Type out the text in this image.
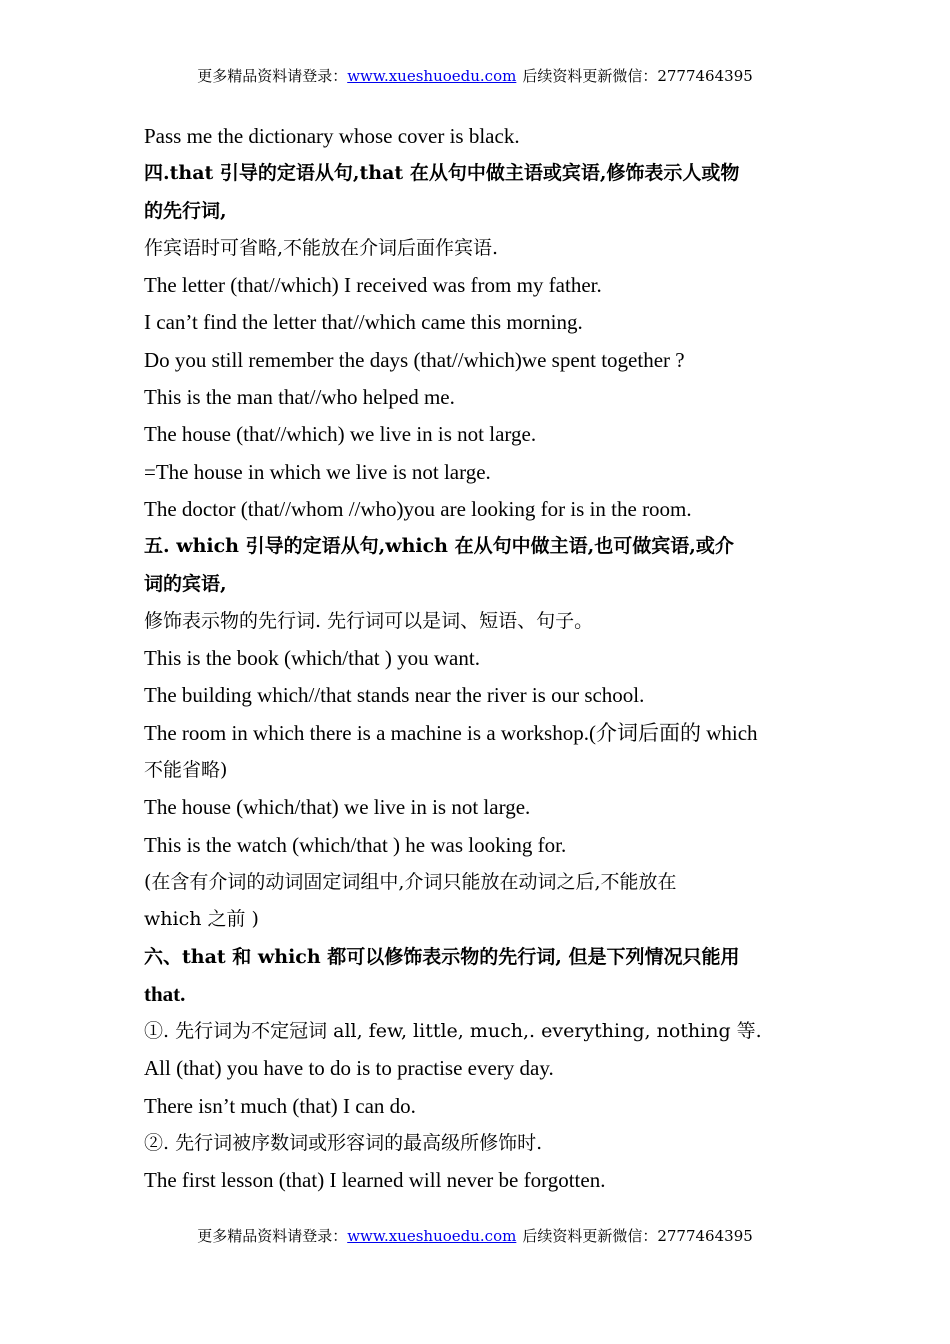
更多精品资料请登录：www.xueshuoedu.com 后续资料更新微信：2777464395
Pass me the dictionary whose cover is black.
四.that 引导的定语从句,that 在从句中做主语或宾语,修饰表示人或物
的先行词,
作宾语时可省略,不能放在介词后面作宾语.
The letter (that//which) I received was from my father.
I can’t find the letter that//which came this morning.
Do you still remember the days (that//which)we spent together ?
This is the man that//who helped me.
The house (that//which) we live in is not large.
=The house in which we live is not large.
The doctor (that//whom //who)you are looking for is in the room.
五. which 引导的定语从句,which 在从句中做主语,也可做宾语,或介
词的宾语,
修饰表示物的先行词. 先行词可以是词、短语、句子。
This is the book (which/that ) you want.
The building which//that stands near the river is our school.
The room in which there is a machine is a workshop.(介词后面的 which
不能省略)
The house (which/that) we live in is not large.
This is the watch (which/that ) he was looking for.
(在含有介词的动词固定词组中,介词只能放在动词之后,不能放在
which 之前 )
六、that 和 which 都可以修饰表示物的先行词, 但是下列情况只能用
that.
①. 先行词为不定冠词 all, few, little, much,. everything, nothing 等.
All (that) you have to do is to practise every day.
There isn’t much (that) I can do.
②. 先行词被序数词或形容词的最高级所修饰时.
The first lesson (that) I learned will never be forgotten.
更多精品资料请登录：www.xueshuoedu.com 后续资料更新微信：2777464395
